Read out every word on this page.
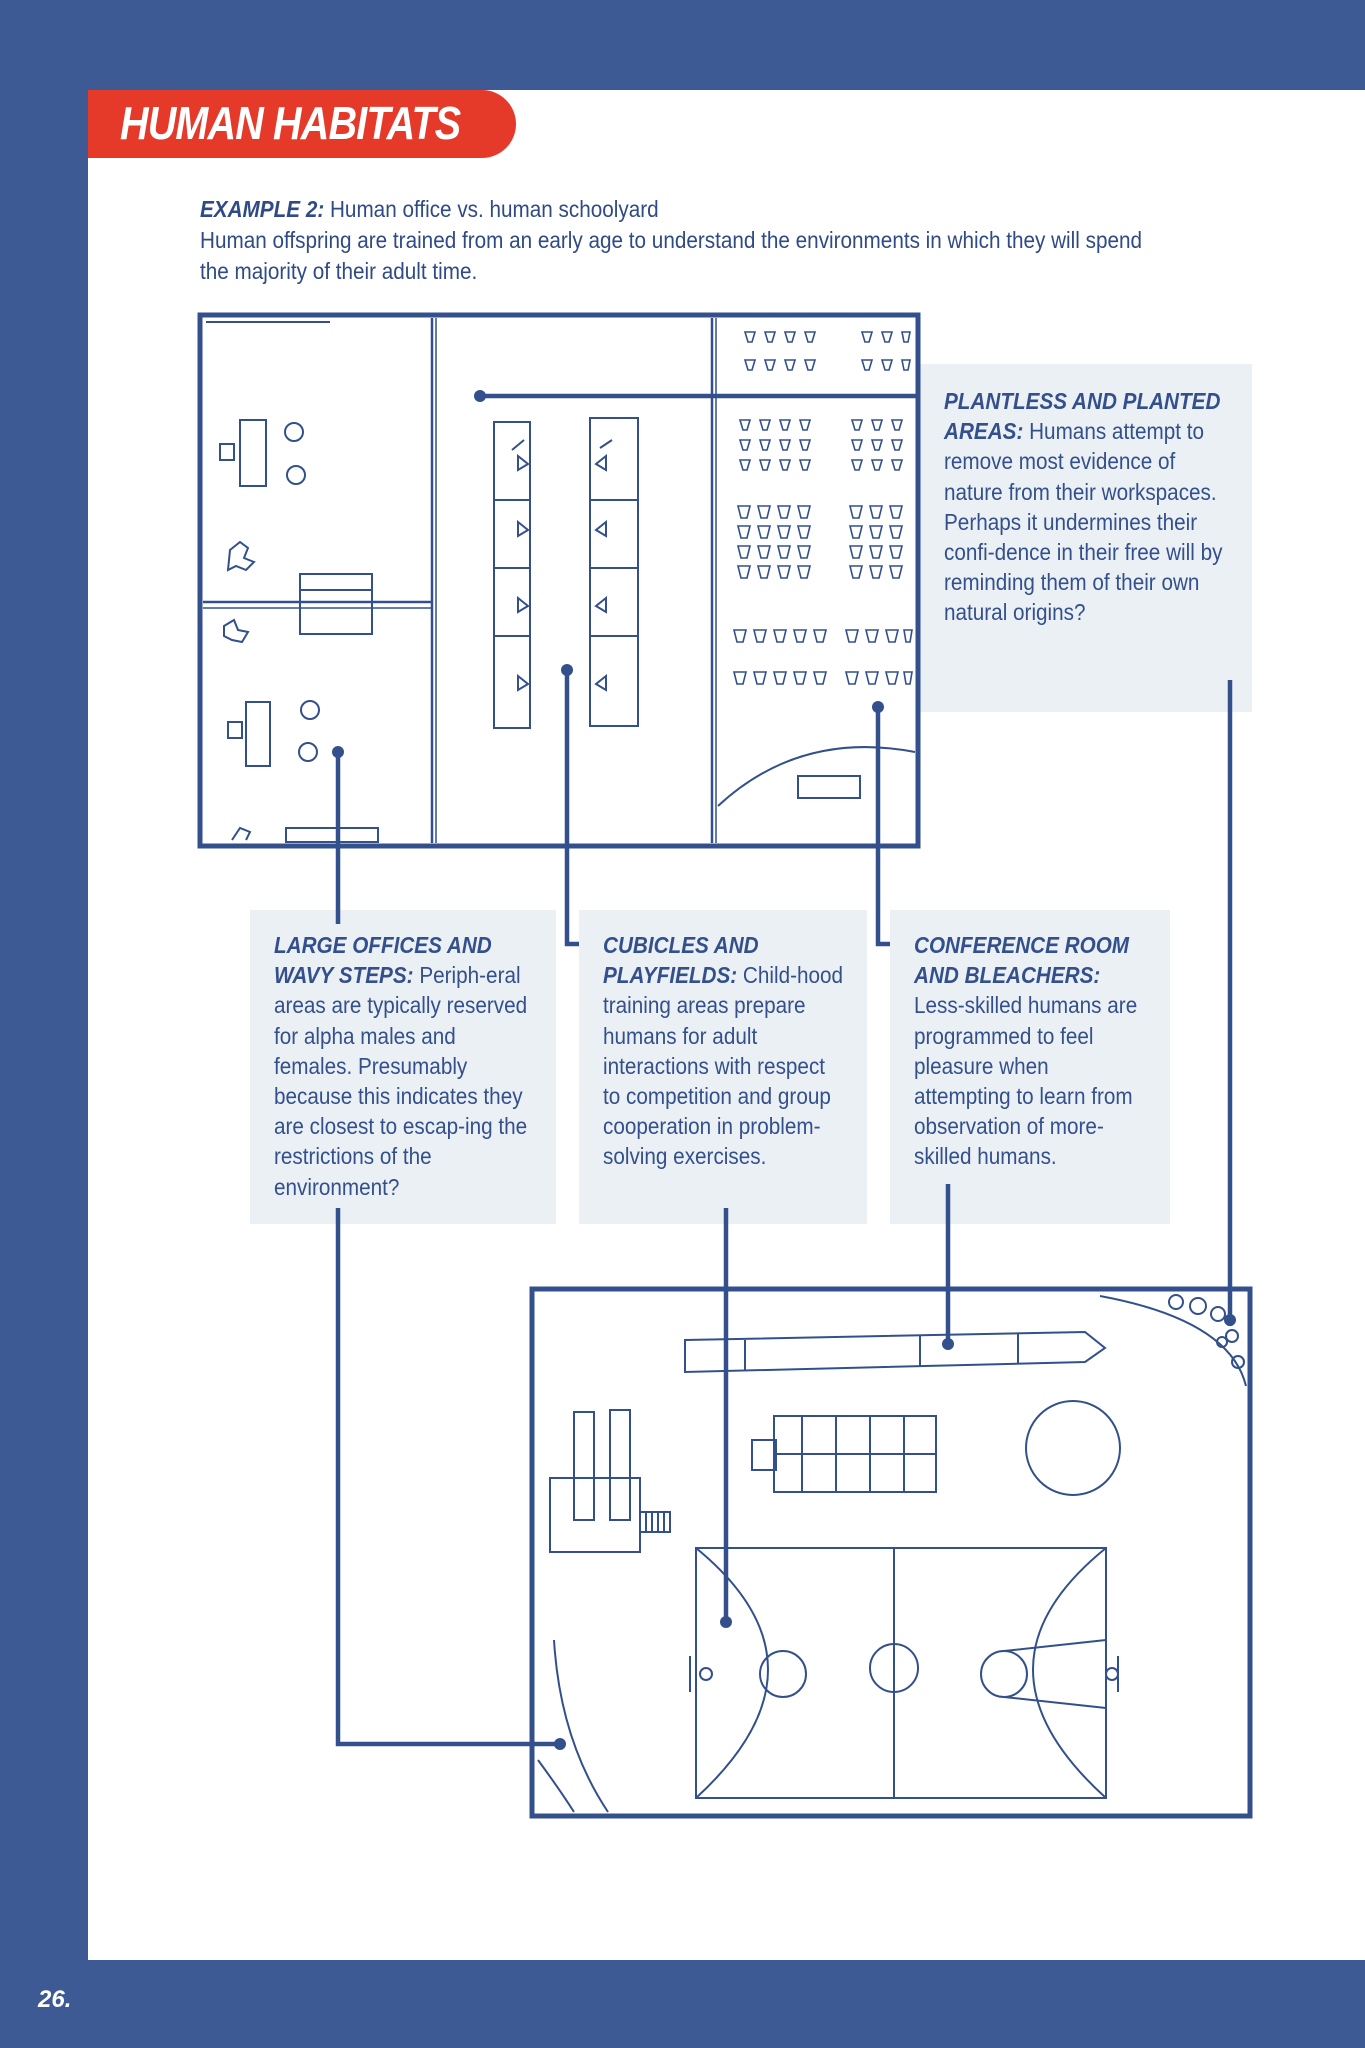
HUMAN HABITATS
EXAMPLE 2: Human office vs. human schoolyard
Human offspring are trained from an early age to understand the environments in which they will spend the majority of their adult time.
PLANTLESS AND PLANTED AREAS: Humans attempt to remove most evidence of nature from their workspaces. Perhaps it undermines their confi-dence in their free will by reminding them of their own natural origins?
LARGE OFFICES AND WAVY STEPS: Periph-eral areas are typically reserved for alpha males and females. Presumably because this indicates they are closest to escap-ing the restrictions of the environment?
CUBICLES AND PLAYFIELDS: Child-hood training areas prepare humans for adult interactions with respect to competition and group cooperation in problem-solving exercises.
CONFERENCE ROOM AND BLEACHERS: Less-skilled humans are programmed to feel pleasure when attempting to learn from observation of more-skilled humans.
26.
